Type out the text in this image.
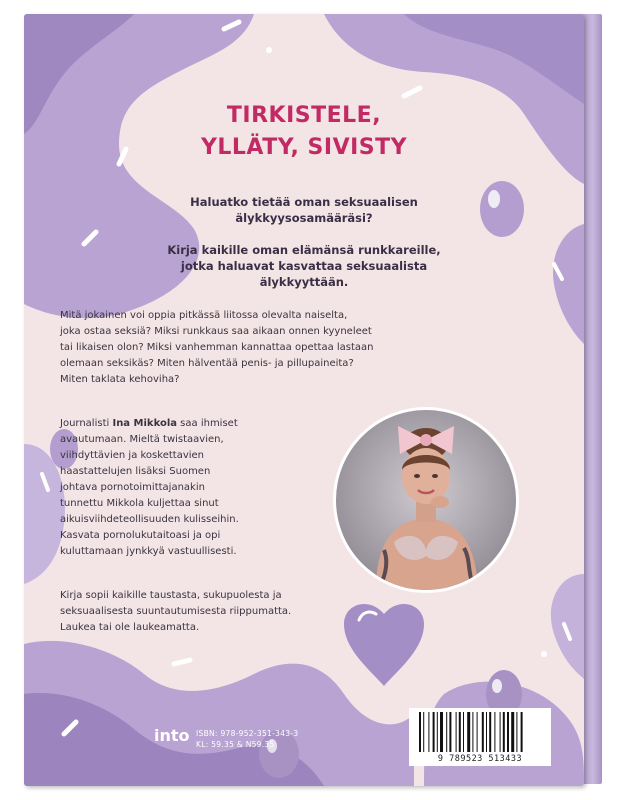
TIRKISTELE,
YLLÄTY, SIVISTY

Haluatko tietää oman seksuaalisen
älykkyysosamääräsi?

Kirja kaikille oman elämänsä runkkareille,
jotka haluavat kasvattaa seksuaalista
älykkyyttään.

Mitä jokainen voi oppia pitkässä liitossa olevalta naiselta,
joka ostaa seksiä? Miksi runkkaus saa aikaan onnen kyyneleet
tai likaisen olon? Miksi vanhemman kannattaa opettaa lastaan
olemaan seksikäs? Miten hälventää penis- ja pillupaineita?
Miten taklata kehoviha?
Journalisti Ina Mikkola saa ihmiset
avautumaan. Mieltä twistaavien,
viihdyttävien ja koskettavien
haastattelujen lisäksi Suomen
johtava pornotoimittajanakin
tunnettu Mikkola kuljettaa sinut
aikuisviihdeteollisuuden kulisseihin.
Kasvata pornolukutaitoasi ja opi
kuluttamaan jynkkyä vastuullisesti.
Kirja sopii kaikille taustasta, sukupuolesta ja
seksuaalisesta suuntautumisesta riippumatta.
Laukea tai ole laukeamatta.
into ISBN: 978-952-351-343-3
KL: 59.35 & N59.35
9 789523 513433
